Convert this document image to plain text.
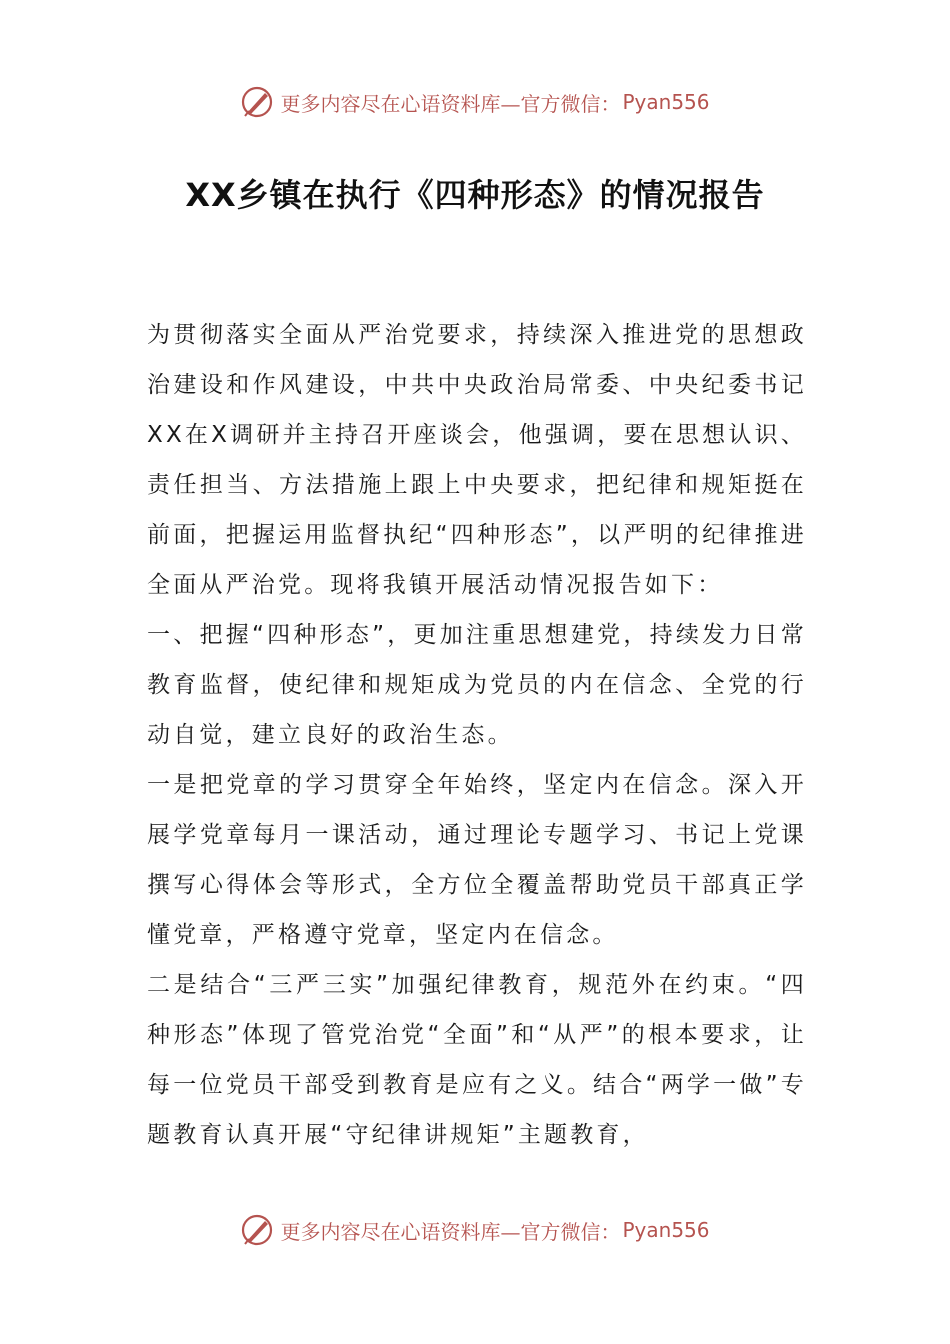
更多内容尽在心语资料库—官方微信： Pyan556
XX乡镇在执行《四种形态》的情况报告

为贯彻落实全面从严治党要求，持续深入推进党的思想政治建设和作风建设，中共中央政治局常委、中央纪委书记XX在X调研并主持召开座谈会，他强调，要在思想认识、责任担当、方法措施上跟上中央要求，把纪律和规矩挺在前面，把握运用监督执纪“四种形态”，以严明的纪律推进全面从严治党。现将我镇开展活动情况报告如下：

一、把握“四种形态”，更加注重思想建党，持续发力日常教育监督，使纪律和规矩成为党员的内在信念、全党的行动自觉，建立良好的政治生态。

一是把党章的学习贯穿全年始终，坚定内在信念。深入开展学党章每月一课活动，通过理论专题学习、书记上党课撰写心得体会等形式，全方位全覆盖帮助党员干部真正学懂党章，严格遵守党章，坚定内在信念。

二是结合“三严三实”加强纪律教育，规范外在约束。“四种形态”体现了管党治党“全面”和“从严”的根本要求，让每一位党员干部受到教育是应有之义。结合“两学一做”专题教育认真开展“守纪律讲规矩”主题教育，

更多内容尽在心语资料库—官方微信： Pyan556
